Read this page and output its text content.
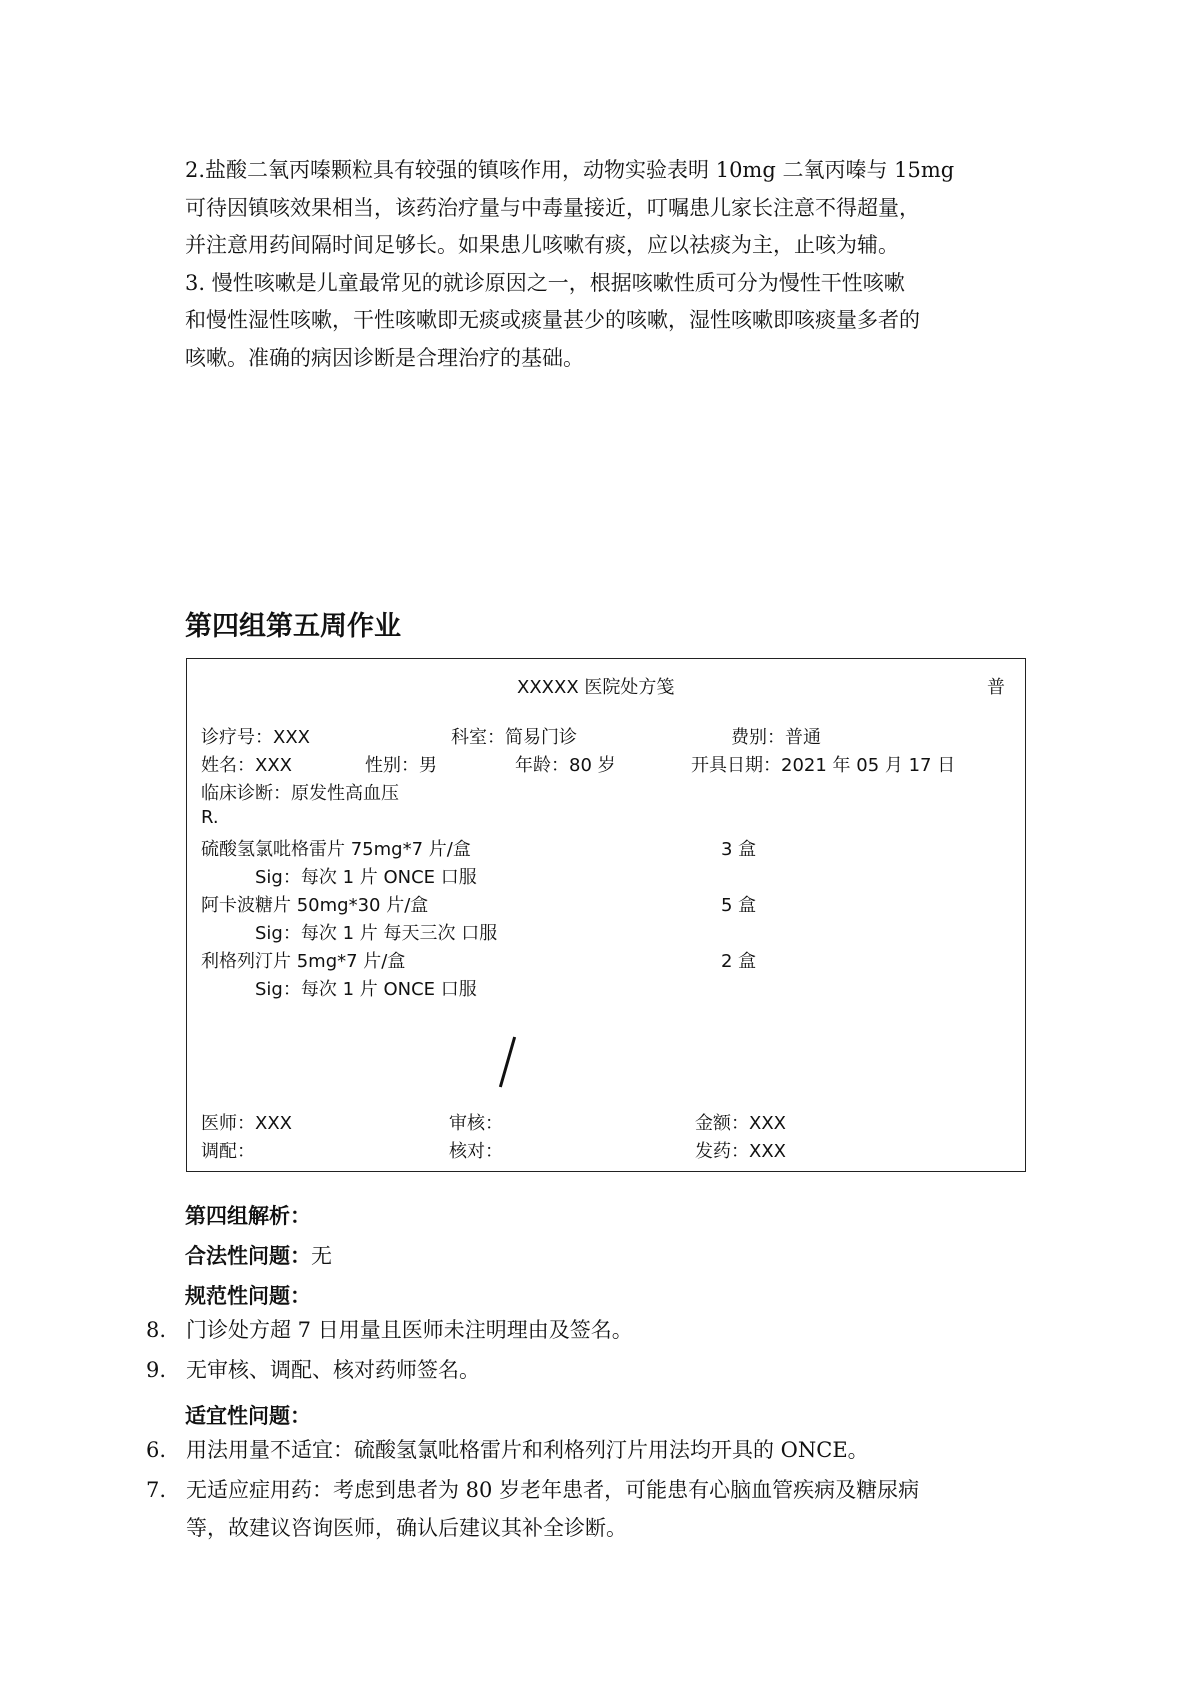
2.盐酸二氧丙嗪颗粒具有较强的镇咳作用，动物实验表明 10mg 二氧丙嗪与 15mg

可待因镇咳效果相当，该药治疗量与中毒量接近，叮嘱患儿家长注意不得超量，

并注意用药间隔时间足够长。如果患儿咳嗽有痰，应以祛痰为主，止咳为辅。

3. 慢性咳嗽是儿童最常见的就诊原因之一，根据咳嗽性质可分为慢性干性咳嗽

和慢性湿性咳嗽，干性咳嗽即无痰或痰量甚少的咳嗽，湿性咳嗽即咳痰量多者的

咳嗽。准确的病因诊断是合理治疗的基础。

第四组第五周作业
XXXXX 医院处方笺	普
诊疗号：XXX	科室：简易门诊	费别：普通
姓名：XXX	性别：男	年龄：80 岁	开具日期：2021 年 05 月 17 日
临床诊断：原发性高血压
R.
硫酸氢氯吡格雷片 75mg*7 片/盒	3 盒
Sig：每次 1 片 ONCE 口服
阿卡波糖片 50mg*30 片/盒	5 盒
Sig：每次 1 片 每天三次 口服
利格列汀片 5mg*7 片/盒	2 盒
Sig：每次 1 片 ONCE 口服
医师：XXX	审核：	金额：XXX
调配：	核对：	发药：XXX
第四组解析：
合法性问题：无
规范性问题：
8. 门诊处方超 7 日用量且医师未注明理由及签名。
9. 无审核、调配、核对药师签名。
适宜性问题：
6. 用法用量不适宜：硫酸氢氯吡格雷片和利格列汀片用法均开具的 ONCE。
7. 无适应症用药：考虑到患者为 80 岁老年患者，可能患有心脑血管疾病及糖尿病
等，故建议咨询医师，确认后建议其补全诊断。
